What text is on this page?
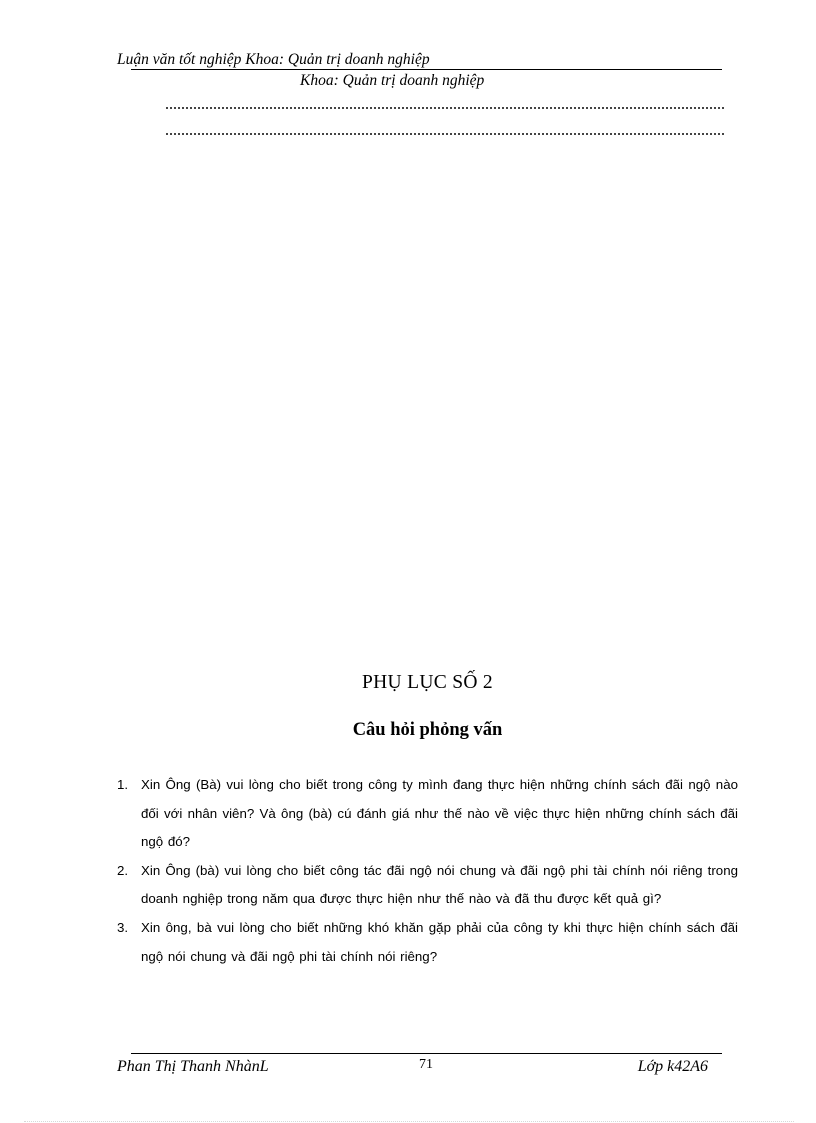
Luận văn tốt nghiệp Khoa: Quản trị doanh nghiệp
Khoa: Quản trị doanh nghiệp
PHỤ LỤC SỐ 2
Câu hỏi phỏng vấn
1. Xin Ông (Bà) vui lòng cho biết trong công ty mình đang thực hiện những chính sách đãi ngộ nào đối với nhân viên? Và ông (bà) cú đánh giá như thế nào về việc thực hiện những chính sách đãi ngộ đó?
2. Xin Ông (bà) vui lòng cho biết công tác đãi ngộ nói chung và đãi ngộ phi tài chính nói riêng trong doanh nghiệp trong năm qua được thực hiện như thế nào và đã thu được kết quả gì?
3. Xin ông, bà vui lòng cho biết những khó khăn gặp phải của công ty khi thực hiện chính sách đãi ngộ nói chung và đãi ngộ phi tài chính nói riêng?
Phan Thị Thanh NhànL	71	Lớp k42A6
